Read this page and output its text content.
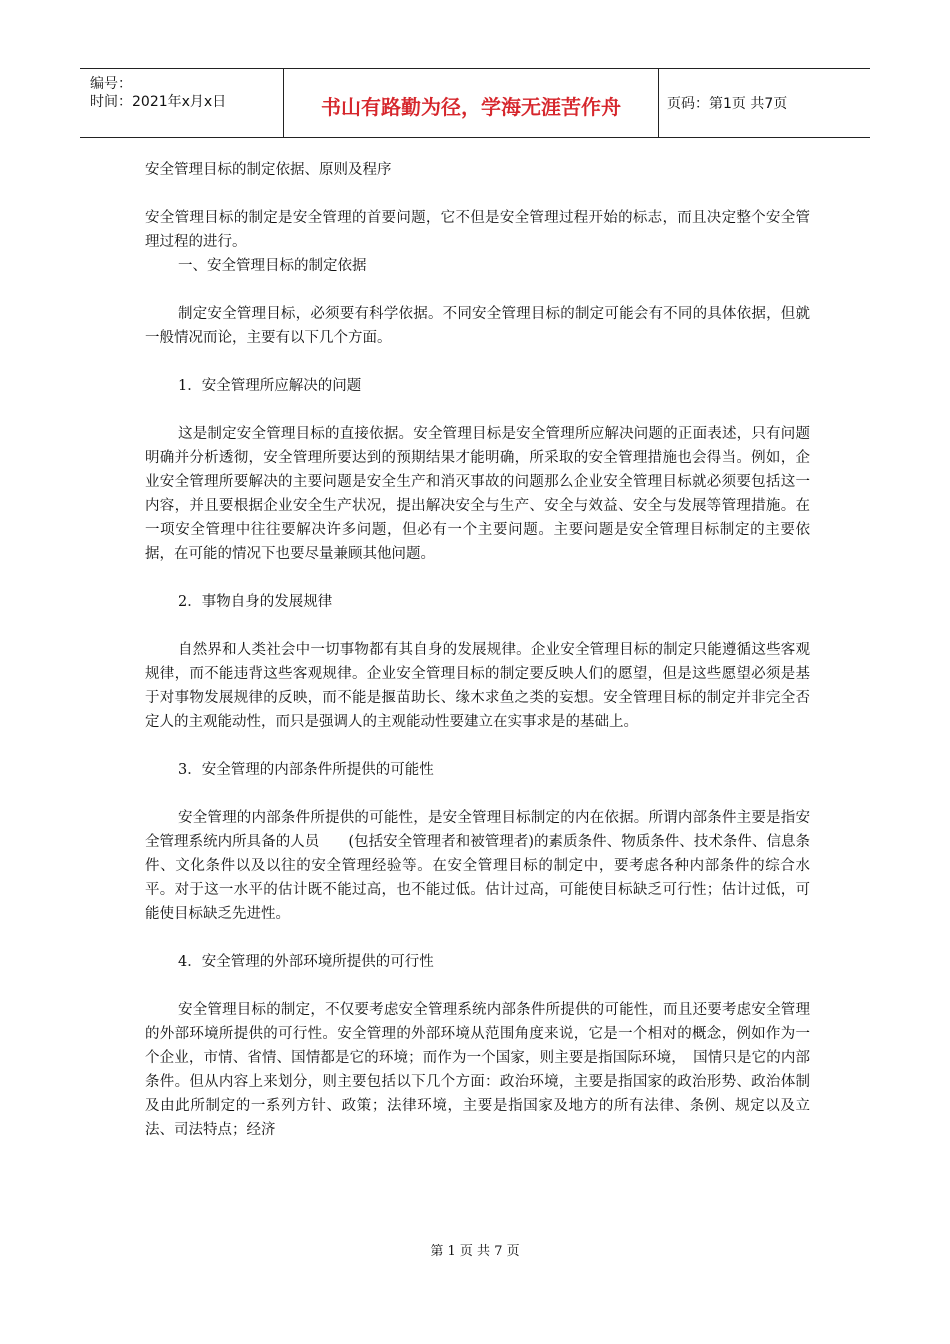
编号：
时间：2021年x月x日	书山有路勤为径，学海无涯苦作舟	页码：第1页 共7页

安全管理目标的制定依据、原则及程序

安全管理目标的制定是安全管理的首要问题，它不但是安全管理过程开始的标志，而且决定整个安全管理过程的进行。

一、安全管理目标的制定依据

制定安全管理目标，必须要有科学依据。不同安全管理目标的制定可能会有不同的具体依据，但就一般情况而论，主要有以下几个方面。

1．安全管理所应解决的问题

这是制定安全管理目标的直接依据。安全管理目标是安全管理所应解决问题的正面表述，只有问题明确并分析透彻，安全管理所要达到的预期结果才能明确，所采取的安全管理措施也会得当。例如，企业安全管理所要解决的主要问题是安全生产和消灭事故的问题那么企业安全管理目标就必须要包括这一内容，并且要根据企业安全生产状况，提出解决安全与生产、安全与效益、安全与发展等管理措施。在一项安全管理中往往要解决许多问题，但必有一个主要问题。主要问题是安全管理目标制定的主要依据，在可能的情况下也要尽量兼顾其他问题。

2．事物自身的发展规律

自然界和人类社会中一切事物都有其自身的发展规律。企业安全管理目标的制定只能遵循这些客观规律，而不能违背这些客观规律。企业安全管理目标的制定要反映人们的愿望，但是这些愿望必须是基于对事物发展规律的反映，而不能是揠苗助长、缘木求鱼之类的妄想。安全管理目标的制定并非完全否定人的主观能动性，而只是强调人的主观能动性要建立在实事求是的基础上。

3．安全管理的内部条件所提供的可能性

安全管理的内部条件所提供的可能性，是安全管理目标制定的内在依据。所谓内部条件主要是指安全管理系统内所具备的人员　　(包括安全管理者和被管理者)的素质条件、物质条件、技术条件、信息条件、文化条件以及以往的安全管理经验等。在安全管理目标的制定中，要考虑各种内部条件的综合水平。对于这一水平的估计既不能过高，也不能过低。估计过高，可能使目标缺乏可行性；估计过低，可能使目标缺乏先进性。

4．安全管理的外部环境所提供的可行性

安全管理目标的制定，不仅要考虑安全管理系统内部条件所提供的可能性，而且还要考虑安全管理的外部环境所提供的可行性。安全管理的外部环境从范围角度来说，它是一个相对的概念，例如作为一个企业，市情、省情、国情都是它的环境；而作为一个国家，则主要是指国际环境，　国情只是它的内部条件。但从内容上来划分，则主要包括以下几个方面：政治环境，主要是指国家的政治形势、政治体制及由此所制定的一系列方针、政策；法律环境，主要是指国家及地方的所有法律、条例、规定以及立法、司法特点；经济

第 1 页 共 7 页
